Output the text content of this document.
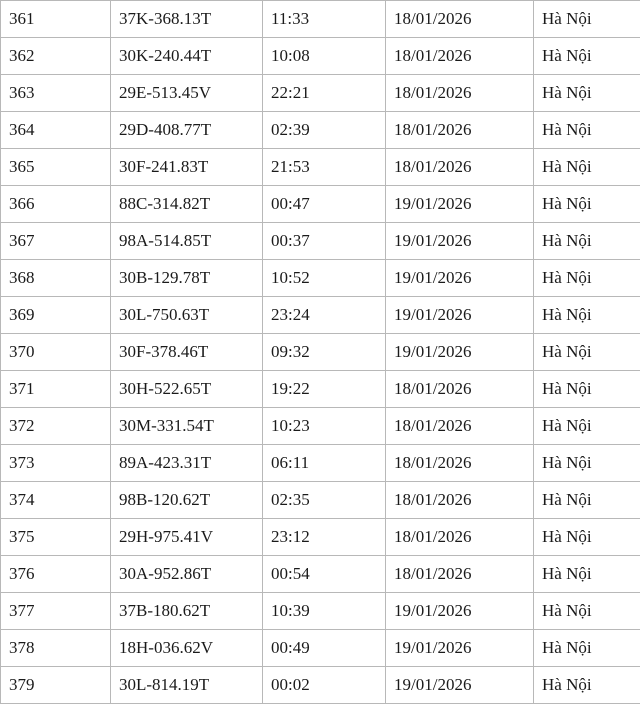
361	37K-368.13T	11:33	18/01/2026	Hà Nội
362	30K-240.44T	10:08	18/01/2026	Hà Nội
363	29E-513.45V	22:21	18/01/2026	Hà Nội
364	29D-408.77T	02:39	18/01/2026	Hà Nội
365	30F-241.83T	21:53	18/01/2026	Hà Nội
366	88C-314.82T	00:47	19/01/2026	Hà Nội
367	98A-514.85T	00:37	19/01/2026	Hà Nội
368	30B-129.78T	10:52	19/01/2026	Hà Nội
369	30L-750.63T	23:24	19/01/2026	Hà Nội
370	30F-378.46T	09:32	19/01/2026	Hà Nội
371	30H-522.65T	19:22	18/01/2026	Hà Nội
372	30M-331.54T	10:23	18/01/2026	Hà Nội
373	89A-423.31T	06:11	18/01/2026	Hà Nội
374	98B-120.62T	02:35	18/01/2026	Hà Nội
375	29H-975.41V	23:12	18/01/2026	Hà Nội
376	30A-952.86T	00:54	18/01/2026	Hà Nội
377	37B-180.62T	10:39	19/01/2026	Hà Nội
378	18H-036.62V	00:49	19/01/2026	Hà Nội
379	30L-814.19T	00:02	19/01/2026	Hà Nội
